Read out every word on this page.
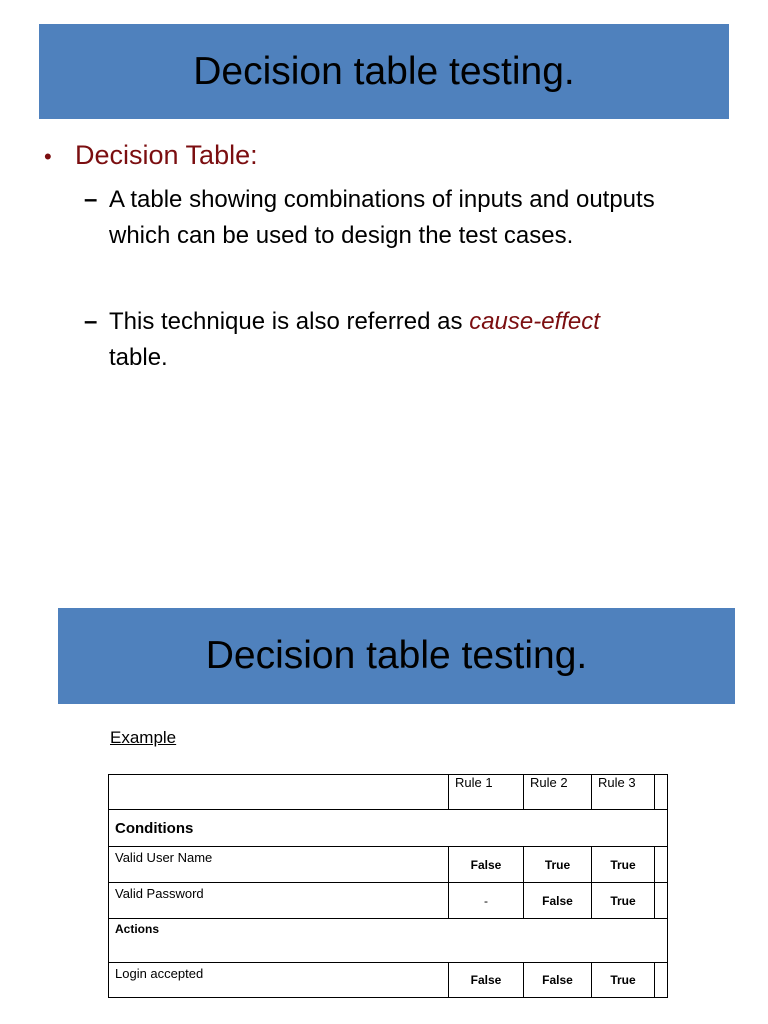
Decision table testing.
• Decision Table:
– A table showing combinations of inputs and outputs which can be used to design the test cases.
– This technique is also referred as cause-effect
table.
Decision table testing.
Example
	Rule 1	Rule 2	Rule 3	
Conditions				
Valid User Name	False	True	True	
Valid Password	-	False	True	
Actions				
Login accepted	False	False	True	
